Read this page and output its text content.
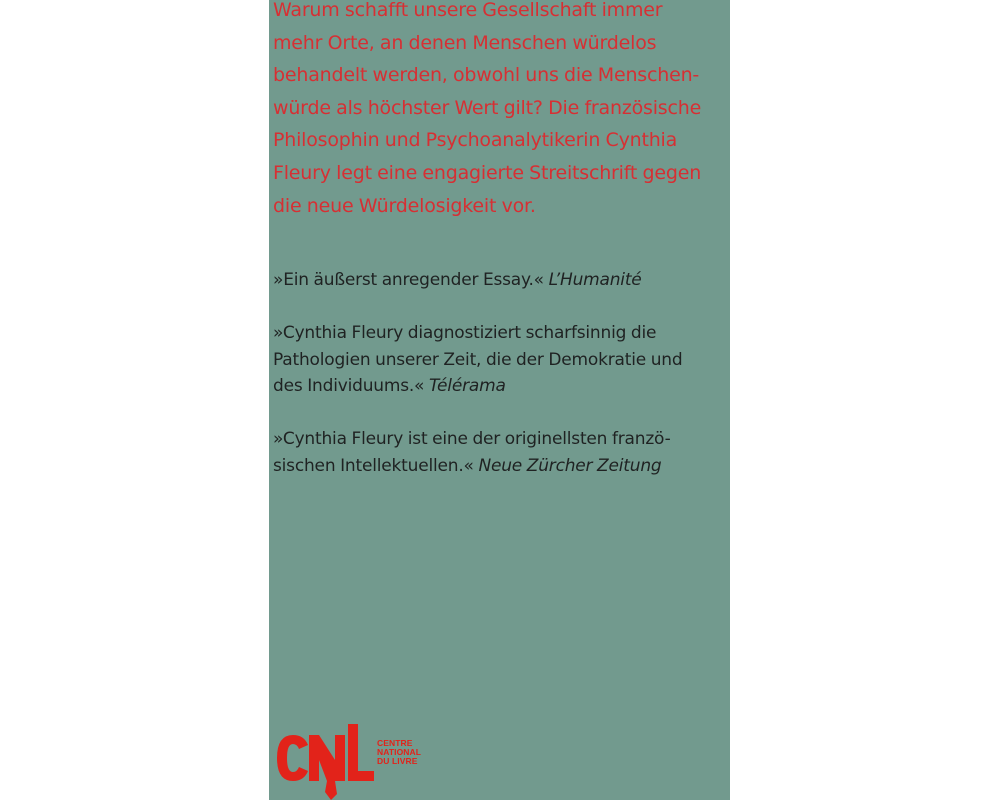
Warum schafft unsere Gesellschaft immer
mehr Orte, an denen Menschen würdelos
behandelt werden, obwohl uns die Menschen-
würde als höchster Wert gilt? Die französische
Philosophin und Psychoanalytikerin Cynthia
Fleury legt eine engagierte Streitschrift gegen
die neue Würdelosigkeit vor.

»Ein äußerst anregender Essay.« L’Humanité

»Cynthia Fleury diagnostiziert scharfsinnig die
Pathologien unserer Zeit, die der Demokratie und
des Individuums.« Télérama

»Cynthia Fleury ist eine der originellsten franzö-
sischen Intellektuellen.« Neue Zürcher Zeitung

CENTRE
NATIONAL
DU LIVRE
